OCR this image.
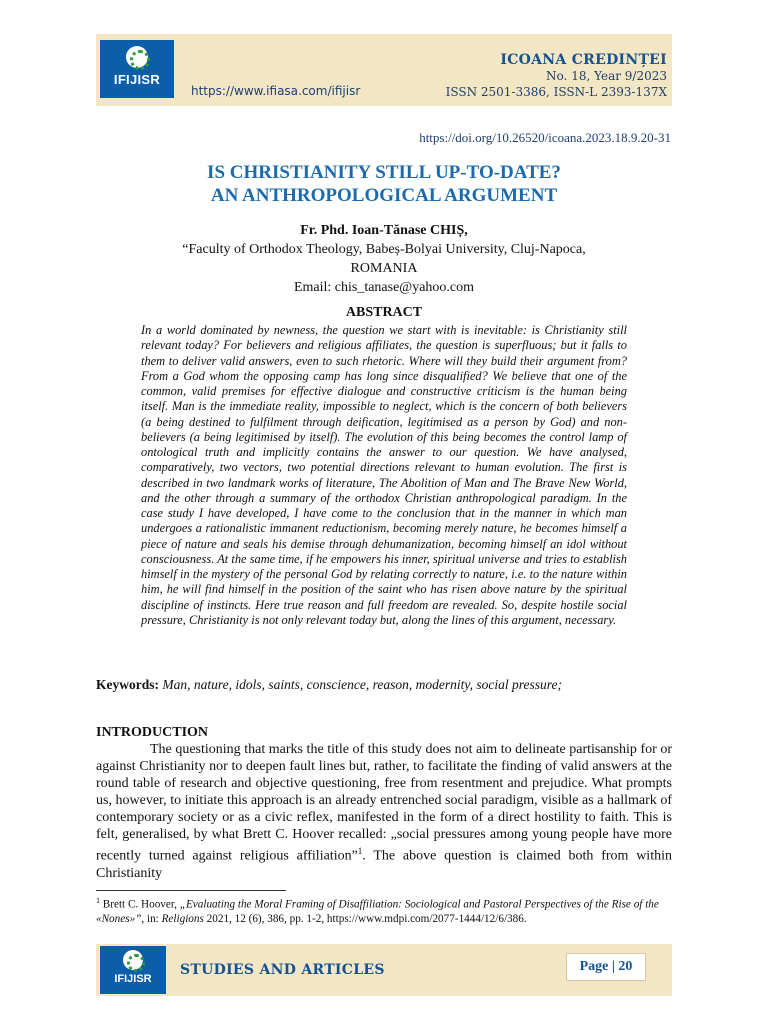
IFIJISR
https://www.ifiasa.com/ifijisr
ICOANA CREDINȚEI
No. 18, Year 9/2023
ISSN 2501-3386, ISSN-L 2393-137X
https://doi.org/10.26520/icoana.2023.18.9.20-31
IS CHRISTIANITY STILL UP-TO-DATE?
AN ANTHROPOLOGICAL ARGUMENT
Fr. Phd. Ioan-Tănase CHIȘ,
“Faculty of Orthodox Theology, Babeș-Bolyai University, Cluj-Napoca,
ROMANIA
Email: chis_tanase@yahoo.com
ABSTRACT

In a world dominated by newness, the question we start with is inevitable: is Christianity still relevant today? For believers and religious affiliates, the question is superfluous; but it falls to them to deliver valid answers, even to such rhetoric. Where will they build their argument from? From a God whom the opposing camp has long since disqualified? We believe that one of the common, valid premises for effective dialogue and constructive criticism is the human being itself. Man is the immediate reality, impossible to neglect, which is the concern of both believers (a being destined to fulfilment through deification, legitimised as a person by God) and non-believers (a being legitimised by itself). The evolution of this being becomes the control lamp of ontological truth and implicitly contains the answer to our question. We have analysed, comparatively, two vectors, two potential directions relevant to human evolution. The first is described in two landmark works of literature, The Abolition of Man and The Brave New World, and the other through a summary of the orthodox Christian anthropological paradigm. In the case study I have developed, I have come to the conclusion that in the manner in which man undergoes a rationalistic immanent reductionism, becoming merely nature, he becomes himself a piece of nature and seals his demise through dehumanization, becoming himself an idol without consciousness. At the same time, if he empowers his inner, spiritual universe and tries to establish himself in the mystery of the personal God by relating correctly to nature, i.e. to the nature within him, he will find himself in the position of the saint who has risen above nature by the spiritual discipline of instincts. Here true reason and full freedom are revealed. So, despite hostile social pressure, Christianity is not only relevant today but, along the lines of this argument, necessary.

Keywords: Man, nature, idols, saints, conscience, reason, modernity, social pressure;

INTRODUCTION

The questioning that marks the title of this study does not aim to delineate partisanship for or against Christianity nor to deepen fault lines but, rather, to facilitate the finding of valid answers at the round table of research and objective questioning, free from resentment and prejudice. What prompts us, however, to initiate this approach is an already entrenched social paradigm, visible as a hallmark of contemporary society or as a civic reflex, manifested in the form of a direct hostility to faith. This is felt, generalised, by what Brett C. Hoover recalled: „social pressures among young people have more recently turned against religious affiliation”$^1$. The above question is claimed both from within Christianity

$^1$ Brett C. Hoover, „Evaluating the Moral Framing of Disaffiliation: Sociological and Pastoral Perspectives of the Rise of the «Nones»”, in: Religions 2021, 12 (6), 386, pp. 1-2, https://www.mdpi.com/2077-1444/12/6/386.

IFIJISR
STUDIES AND ARTICLES	Page | 20
